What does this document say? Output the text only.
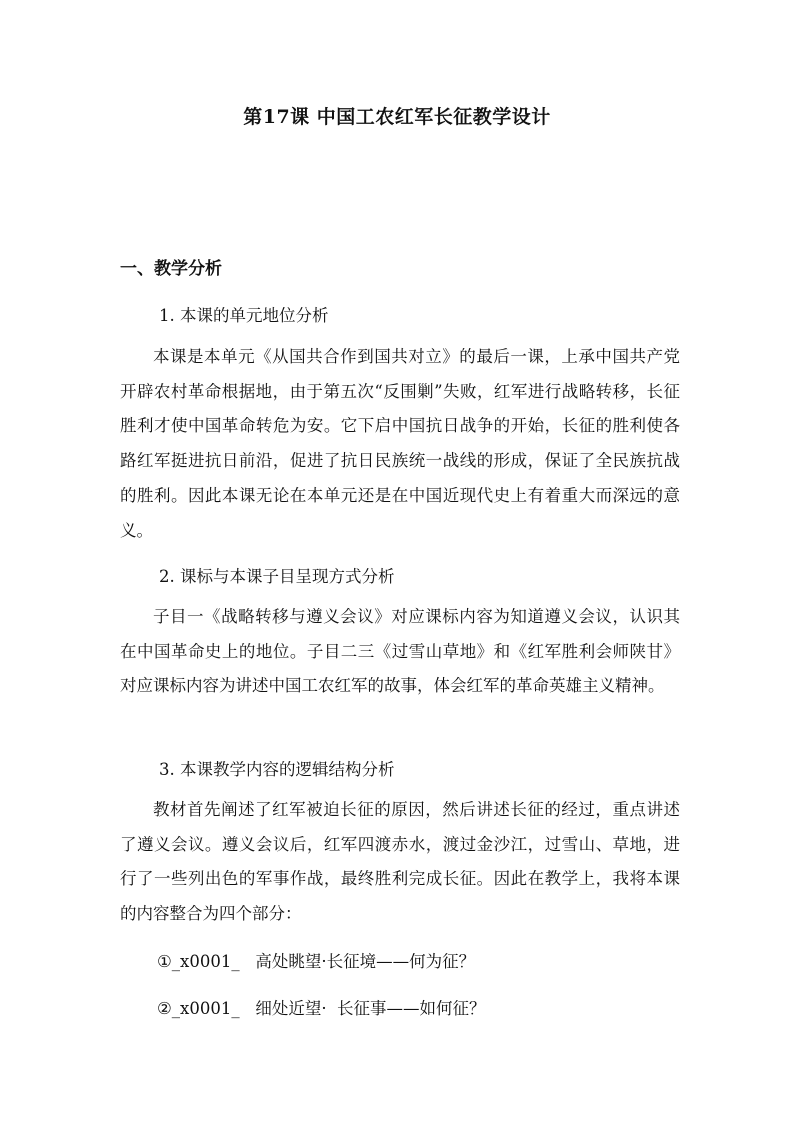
第17课 中国工农红军长征教学设计
一、教学分析
1. 本课的单元地位分析
本课是本单元《从国共合作到国共对立》的最后一课，上承中国共产党开辟农村革命根据地，由于第五次“反围剿”失败，红军进行战略转移，长征胜利才使中国革命转危为安。它下启中国抗日战争的开始，长征的胜利使各路红军挺进抗日前沿，促进了抗日民族统一战线的形成，保证了全民族抗战的胜利。因此本课无论在本单元还是在中国近现代史上有着重大而深远的意义。
2. 课标与本课子目呈现方式分析
子目一《战略转移与遵义会议》对应课标内容为知道遵义会议，认识其在中国革命史上的地位。子目二三《过雪山草地》和《红军胜利会师陕甘》对应课标内容为讲述中国工农红军的故事，体会红军的革命英雄主义精神。
3. 本课教学内容的逻辑结构分析
教材首先阐述了红军被迫长征的原因，然后讲述长征的经过，重点讲述了遵义会议。遵义会议后，红军四渡赤水，渡过金沙江，过雪山、草地，进行了一些列出色的军事作战，最终胜利完成长征。因此在教学上，我将本课的内容整合为四个部分：
①_x0001_   高处眺望·长征境——何为征？
②_x0001_   细处近望·  长征事——如何征？
